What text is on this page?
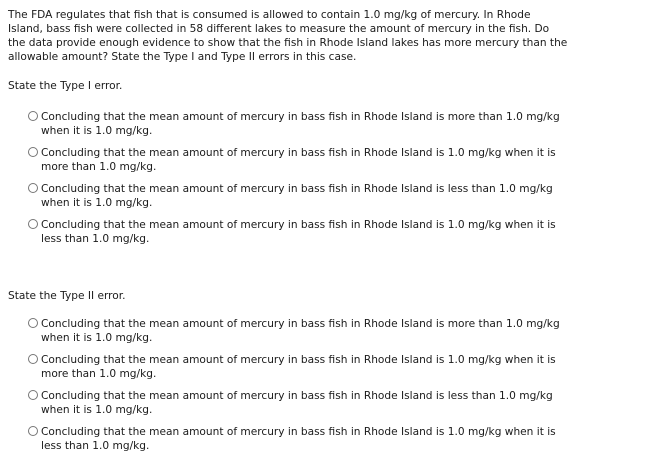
The FDA regulates that fish that is consumed is allowed to contain 1.0 mg/kg of mercury. In Rhode Island, bass fish were collected in 58 different lakes to measure the amount of mercury in the fish. Do the data provide enough evidence to show that the fish in Rhode Island lakes has more mercury than the allowable amount? State the Type I and Type II errors in this case.

State the Type I error.

Concluding that the mean amount of mercury in bass fish in Rhode Island is more than 1.0 mg/kg when it is 1.0 mg/kg.
Concluding that the mean amount of mercury in bass fish in Rhode Island is 1.0 mg/kg when it is more than 1.0 mg/kg.
Concluding that the mean amount of mercury in bass fish in Rhode Island is less than 1.0 mg/kg when it is 1.0 mg/kg.
Concluding that the mean amount of mercury in bass fish in Rhode Island is 1.0 mg/kg when it is less than 1.0 mg/kg.

State the Type II error.

Concluding that the mean amount of mercury in bass fish in Rhode Island is more than 1.0 mg/kg when it is 1.0 mg/kg.
Concluding that the mean amount of mercury in bass fish in Rhode Island is 1.0 mg/kg when it is more than 1.0 mg/kg.
Concluding that the mean amount of mercury in bass fish in Rhode Island is less than 1.0 mg/kg when it is 1.0 mg/kg.
Concluding that the mean amount of mercury in bass fish in Rhode Island is 1.0 mg/kg when it is less than 1.0 mg/kg.
